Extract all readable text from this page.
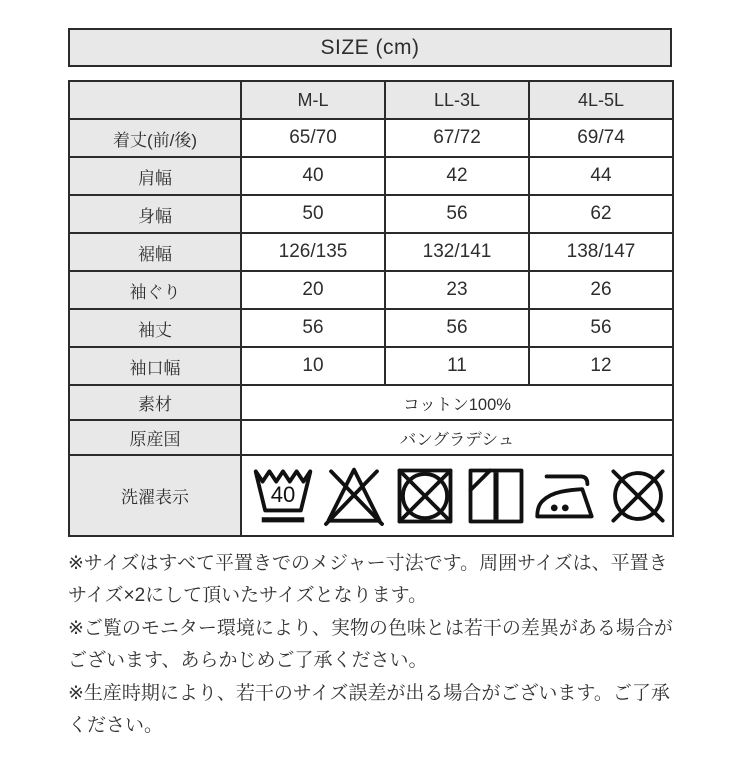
SIZE (cm)
	M-L	LL-3L	4L-5L
着丈(前/後)	65/70	67/72	69/74
肩幅	40	42	44
身幅	50	56	62
裾幅	126/135	132/141	138/147
袖ぐり	20	23	26
袖丈	56	56	56
袖口幅	10	11	12
素材	コットン100%		
原産国	バングラデシュ		
洗濯表示	40		
※サイズはすべて平置きでのメジャー寸法です。周囲サイズは、平置き
サイズ×2にして頂いたサイズとなります。
※ご覧のモニター環境により、実物の色味とは若干の差異がある場合が
ございます、あらかじめご了承ください。
※生産時期により、若干のサイズ誤差が出る場合がございます。ご了承
ください。
